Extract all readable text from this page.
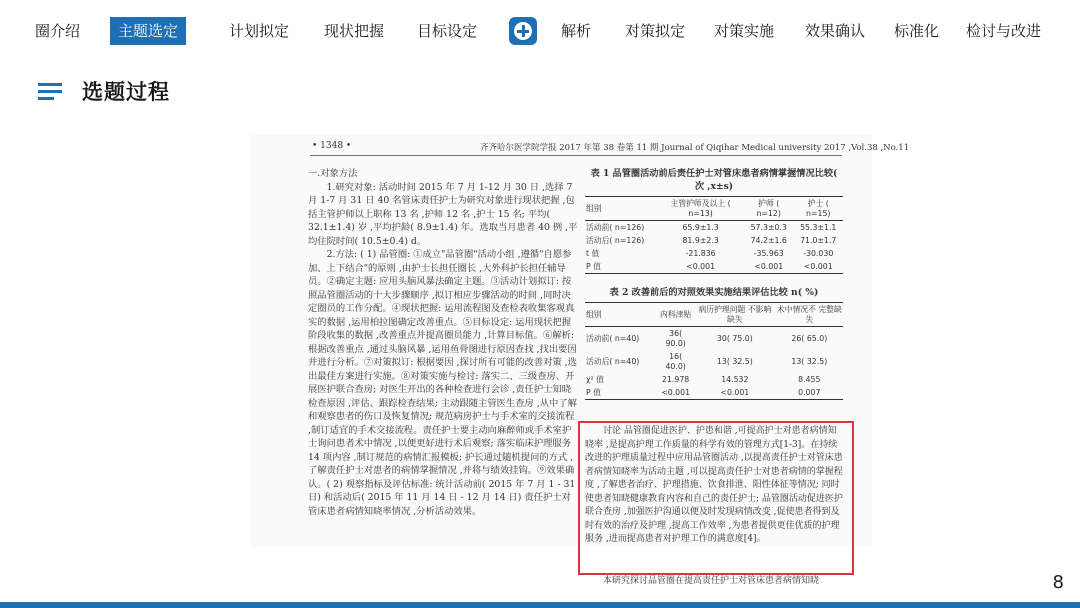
圈介绍	主题选定	计划拟定	现状把握	目标设定	解析	对策拟定	对策实施	效果确认	标准化	检讨与改进
选题过程
• 1348 •	齐齐哈尔医学院学报 2017 年第 38 卷第 11 期 Journal of Qiqihar Medical university 2017 ,Vol.38 ,No.11

一.对象方法

1.研究对象: 活动时间 2015 年 7 月 1-12 月 30 日 ,选择 7 月 1-7 月 31 日 40 名管床责任护士为研究对象进行现状把握 ,包括主管护师以上职称 13 名 ,护师 12 名 ,护士 15 名; 平均( 32.1±1.4) 岁 ,平均护龄( 8.9±1.4) 年。选取当月患者 40 例 ,平均住院时间( 10.5±0.4) d。

2.方法: ( 1) 品管圈: ①成立"品管圈"活动小组 ,遵循"自愿参加、上下结合"的原则 ,由护士长担任圈长 ,大外科护长担任辅导员。②确定主题: 应用头脑风暴法确定主题。③活动计划拟订: 按照品管圈活动的十大步骤顺序 ,拟订相应步骤活动的时间 ,同时决定圈员的工作分配。④现状把握: 运用流程图及查检表收集客观真实的数据 ,运用柏拉图确定改善重点。⑤目标设定: 运用现状把握阶段收集的数据 ,改善重点并提高圈员能力 ,计算目标值。⑥解析: 根据改善重点 ,通过头脑风暴 ,运用鱼骨图进行原因查找 ,找出要因并进行分析。⑦对策拟订: 根据要因 ,探讨所有可能的改善对策 ,选出最佳方案进行实施。⑧对策实施与检讨: 落实二、三级查房、开展医护联合查房; 对医生开出的各种检查进行会诊 ,责任护士知晓检查原因 ,评估、跟踪检查结果; 主动跟随主管医生查房 ,从中了解和观察患者的伤口及恢复情况; 规范病房护士与手术室的交接流程 ,制订适宜的手术交接流程。责任护士要主动向麻醉师或手术室护士询问患者术中情况 ,以便更好进行术后观察; 落实临床护理服务 14 项内容 ,制订规范的病情汇报模板; 护长通过随机提问的方式 ,了解责任护士对患者的病情掌握情况 ,并将与绩效挂钩。⑨效果确认。( 2) 观察指标及评估标准: 统计活动前( 2015 年 7 月 1 - 31 日) 和活动后( 2015 年 11 月 14 日 - 12 月 14 日) 责任护士对管床患者病情知晓率情况 ,分析活动效果。

表 1 品管圈活动前后责任护士对管床患者病情掌握情况比较( 次 ,x±s)
组别	主管护师及以上 ( n=13)	护师 ( n=12)	护士 ( n=15)
活动前( n=126)	65.9±1.3	57.3±0.3	55.3±1.1
活动后( n=126)	81.9±2.3	74.2±1.6	71.0±1.7
t 值	-21.836	-35.963	-30.030
P 值	<0.001	<0.001	<0.001
表 2 改善前后的对照效果实施结果评估比较 n( %)
组别	内科津贴	病历护理问题 不影响缺失	术中情况不 完整缺失
活动前( n=40)	36( 90.0)	30( 75.0)	26( 65.0)
活动后( n=40)	16( 40.0)	13( 32.5)	13( 32.5)
χ² 值	21.978	14.532	8.455
P 值	<0.001	<0.001	0.007

讨论 品管圈促进医护、护患和谐 ,可提高护士对患者病情知晓率 ,是提高护理工作质量的科学有效的管理方式[1-3]。在持续改进的护理质量过程中应用品管圈活动 ,以提高责任护士对管床患者病情知晓率为活动主题 ,可以提高责任护士对患者病情的掌握程度 ,了解患者治疗、护理措施、饮食排泄、阳性体征等情况; 同时使患者知晓健康教育内容和自己的责任护士; 品管圈活动促进医护联合查房 ,加强医护沟通以便及时发现病情改变 ,促使患者得到及时有效的治疗及护理 ,提高工作效率 ,为患者提供更佳优质的护理服务 ,进而提高患者对护理工作的满意度[4]。

本研究探讨品管圈在提高责任护士对管床患者病情知晓	8
